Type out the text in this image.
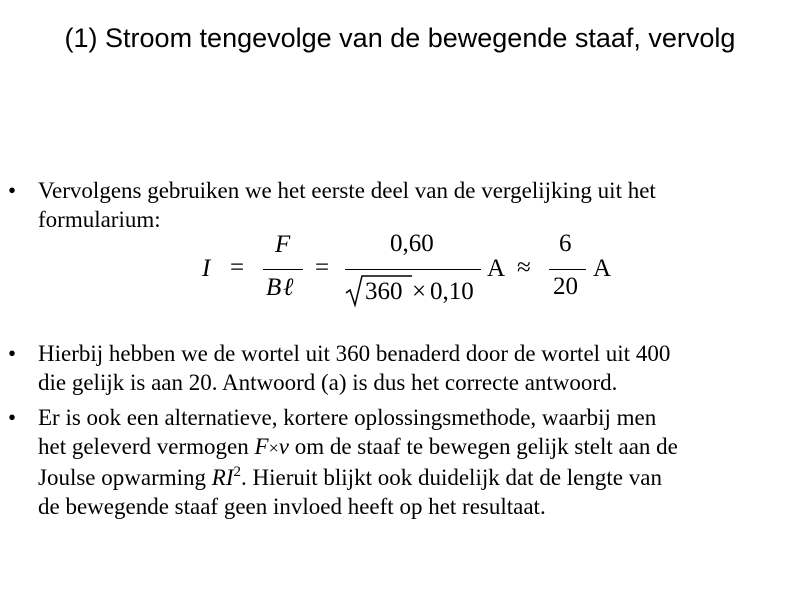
(1) Stroom tengevolge van de bewegende staaf, vervolg
• Vervolgens gebruiken we het eerste deel van de vergelijking uit het
formularium:
I =
F
B ℓ
=
0,60
360 × 0,10
A ≈
6
20
A
• Hierbij hebben we de wortel uit 360 benaderd door de wortel uit 400
die gelijk is aan 20. Antwoord (a) is dus het correcte antwoord.
• Er is ook een alternatieve, kortere oplossingsmethode, waarbij men
het geleverd vermogen F×v om de staaf te bewegen gelijk stelt aan de
Joulse opwarming $RI^2$. Hieruit blijkt ook duidelijk dat de lengte van
de bewegende staaf geen invloed heeft op het resultaat.
